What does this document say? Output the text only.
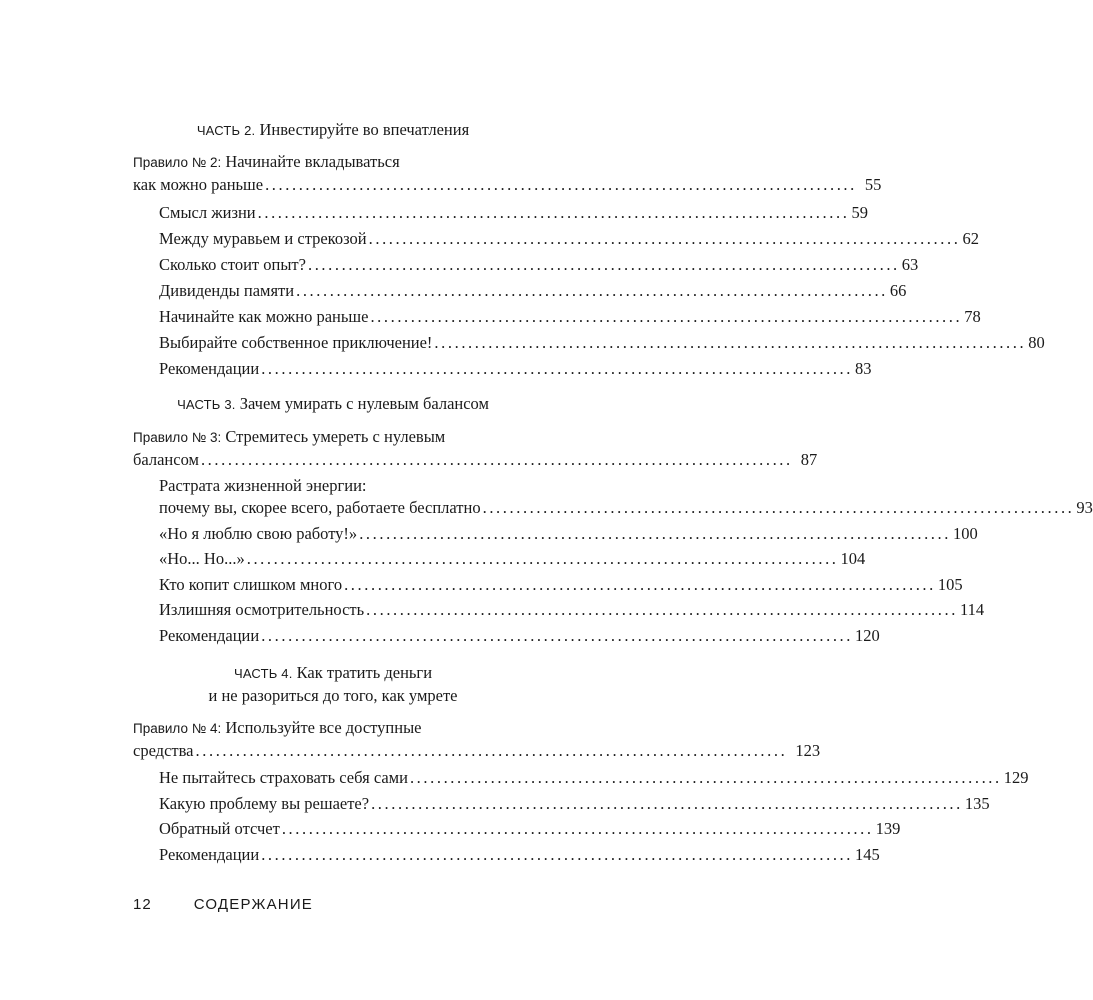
ЧАСТЬ 2. Инвестируйте во впечатления
Правило № 2: Начинайте вкладываться
как можно раньше ........................................................................................ 55
Смысл жизни ........................................................................................ 59
Между муравьем и стрекозой ........................................................................................ 62
Сколько стоит опыт? ........................................................................................ 63
Дивиденды памяти ........................................................................................ 66
Начинайте как можно раньше ........................................................................................ 78
Выбирайте собственное приключение! ........................................................................................ 80
Рекомендации ........................................................................................ 83
ЧАСТЬ 3. Зачем умирать с нулевым балансом
Правило № 3: Стремитесь умереть с нулевым
балансом ........................................................................................ 87
Растрата жизненной энергии:
почему вы, скорее всего, работаете бесплатно ........................................................................................ 93
«Но я люблю свою работу!» ........................................................................................ 100
«Но... Но...» ........................................................................................ 104
Кто копит слишком много ........................................................................................ 105
Излишняя осмотрительность ........................................................................................ 114
Рекомендации ........................................................................................ 120
ЧАСТЬ 4. Как тратить деньги
и не разориться до того, как умрете
Правило № 4: Используйте все доступные
средства ........................................................................................ 123
Не пытайтесь страховать себя сами ........................................................................................ 129
Какую проблему вы решаете? ........................................................................................ 135
Обратный отсчет ........................................................................................ 139
Рекомендации ........................................................................................ 145
12	СОДЕРЖАНИЕ
